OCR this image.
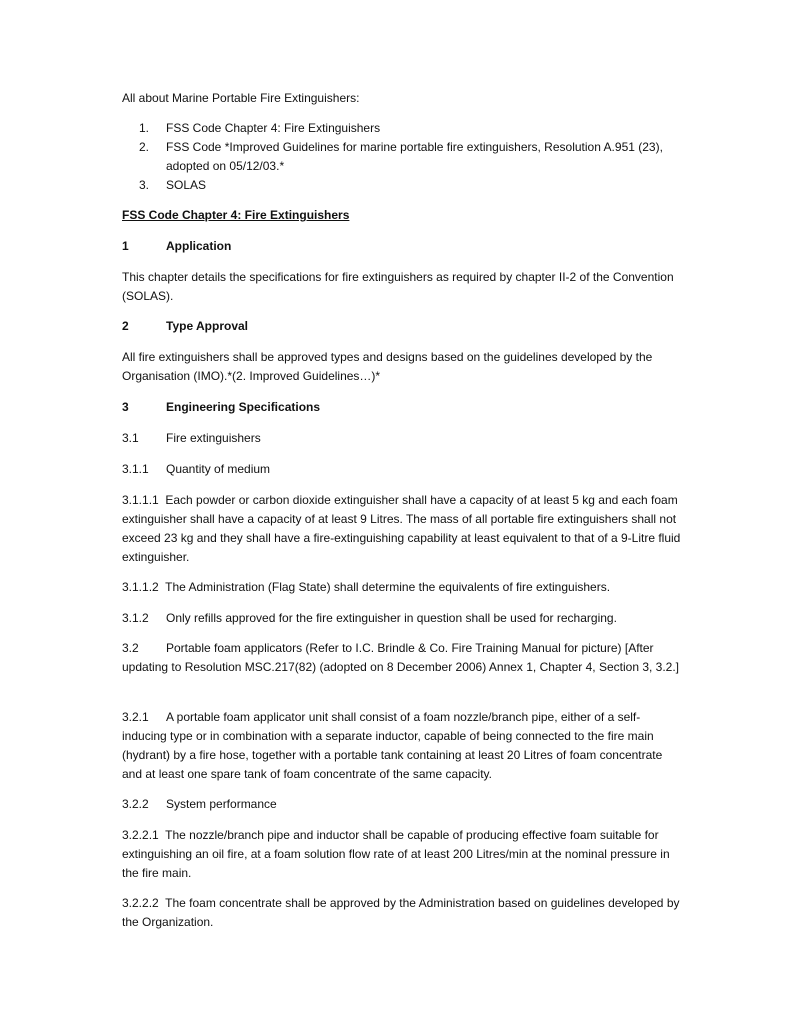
All about Marine Portable Fire Extinguishers:

1. FSS Code Chapter 4: Fire Extinguishers
2. FSS Code *Improved Guidelines for marine portable fire extinguishers, Resolution A.951 (23), adopted on 05/12/03.*
3. SOLAS

FSS Code Chapter 4: Fire Extinguishers

1	Application

This chapter details the specifications for fire extinguishers as required by chapter II-2 of the Convention (SOLAS).

2	Type Approval

All fire extinguishers shall be approved types and designs based on the guidelines developed by the Organisation (IMO).*(2. Improved Guidelines…)*

3	Engineering Specifications

3.1 Fire extinguishers

3.1.1 Quantity of medium

3.1.1.1 Each powder or carbon dioxide extinguisher shall have a capacity of at least 5 kg and each foam extinguisher shall have a capacity of at least 9 Litres. The mass of all portable fire extinguishers shall not exceed 23 kg and they shall have a fire-extinguishing capability at least equivalent to that of a 9-Litre fluid extinguisher.

3.1.1.2 The Administration (Flag State) shall determine the equivalents of fire extinguishers.

3.1.2 Only refills approved for the fire extinguisher in question shall be used for recharging.

3.2 Portable foam applicators (Refer to I.C. Brindle & Co. Fire Training Manual for picture) [After updating to Resolution MSC.217(82) (adopted on 8 December 2006) Annex 1, Chapter 4, Section 3, 3.2.]

3.2.1 A portable foam applicator unit shall consist of a foam nozzle/branch pipe, either of a self-inducing type or in combination with a separate inductor, capable of being connected to the fire main (hydrant) by a fire hose, together with a portable tank containing at least 20 Litres of foam concentrate and at least one spare tank of foam concentrate of the same capacity.

3.2.2 System performance

3.2.2.1 The nozzle/branch pipe and inductor shall be capable of producing effective foam suitable for extinguishing an oil fire, at a foam solution flow rate of at least 200 Litres/min at the nominal pressure in the fire main.

3.2.2.2 The foam concentrate shall be approved by the Administration based on guidelines developed by the Organization.
